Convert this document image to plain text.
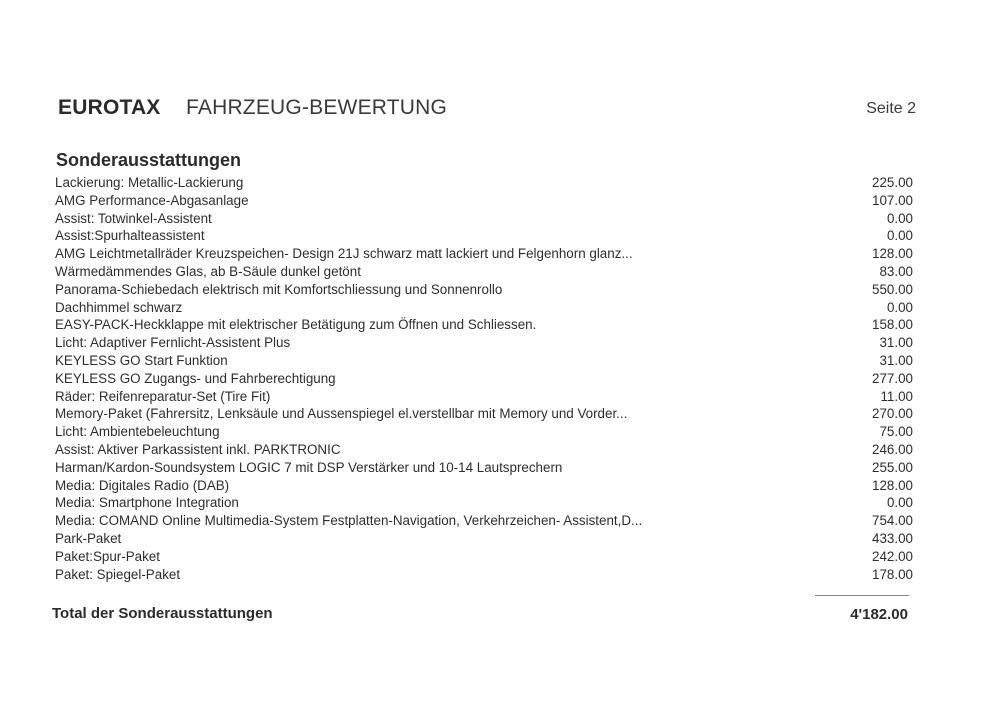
EUROTAX FAHRZEUG-BEWERTUNG	Seite 2
Sonderausstattungen
Lackierung: Metallic-Lackierung	225.00
AMG Performance-Abgasanlage	107.00
Assist: Totwinkel-Assistent	0.00
Assist:Spurhalteassistent	0.00
AMG Leichtmetallräder Kreuzspeichen- Design 21J schwarz matt lackiert und Felgenhorn glanz...	128.00
Wärmedämmendes Glas, ab B-Säule dunkel getönt	83.00
Panorama-Schiebedach elektrisch mit Komfortschliessung und Sonnenrollo	550.00
Dachhimmel schwarz	0.00
EASY-PACK-Heckklappe mit elektrischer Betätigung zum Öffnen und Schliessen.	158.00
Licht: Adaptiver Fernlicht-Assistent Plus	31.00
KEYLESS GO Start Funktion	31.00
KEYLESS GO Zugangs- und Fahrberechtigung	277.00
Räder: Reifenreparatur-Set (Tire Fit)	11.00
Memory-Paket (Fahrersitz, Lenksäule und Aussenspiegel el.verstellbar mit Memory und Vorder...	270.00
Licht: Ambientebeleuchtung	75.00
Assist: Aktiver Parkassistent inkl. PARKTRONIC	246.00
Harman/Kardon-Soundsystem LOGIC 7 mit DSP Verstärker und 10-14 Lautsprechern	255.00
Media: Digitales Radio (DAB)	128.00
Media: Smartphone Integration	0.00
Media: COMAND Online Multimedia-System Festplatten-Navigation, Verkehrzeichen- Assistent,D...	754.00
Park-Paket	433.00
Paket:Spur-Paket	242.00
Paket: Spiegel-Paket	178.00
Total der Sonderausstattungen	4'182.00
